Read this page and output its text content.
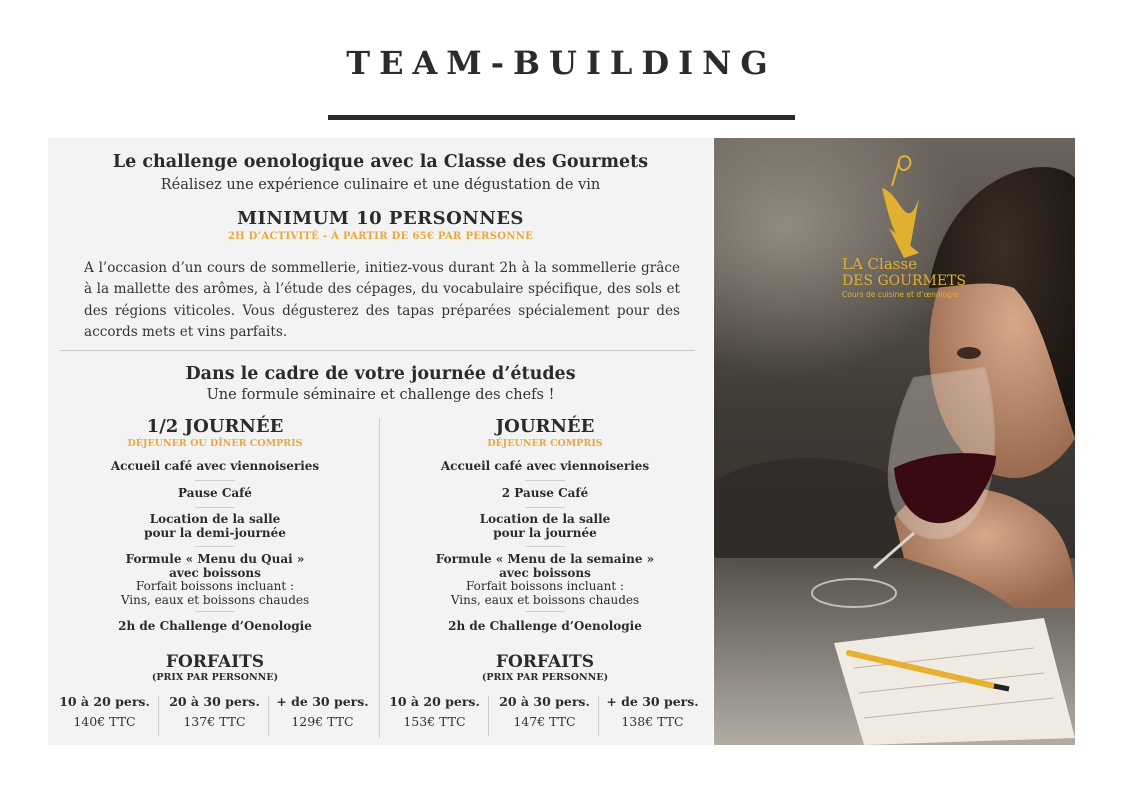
TEAM-BUILDING
Le challenge oenologique avec la Classe des Gourmets
Réalisez une expérience culinaire et une dégustation de vin
MINIMUM 10 PERSONNES
2H D’ACTIVITÉ - À PARTIR DE 65€ PAR PERSONNE
A l’occasion d’un cours de sommellerie, initiez-vous durant 2h à la sommellerie grâce à la mallette des arômes, à l’étude des cépages, du vocabulaire spécifique, des sols et des régions viticoles. Vous dégusterez des tapas préparées spécialement pour des accords mets et vins parfaits.
Dans le cadre de votre journée d’études
Une formule séminaire et challenge des chefs !
1/2 JOURNÉE
DÉJEUNER OU DÎNER COMPRIS
Accueil café avec viennoiseries
Pause Café
Location de la salle
pour la demi-journée
Formule « Menu du Quai »
avec boissons
Forfait boissons incluant :
Vins, eaux et boissons chaudes
2h de Challenge d’Oenologie
FORFAITS
(PRIX PAR PERSONNE)
10 à 20 pers.
140€ TTC
20 à 30 pers.
137€ TTC
+ de 30 pers.
129€ TTC
JOURNÉE
DÉJEUNER COMPRIS
Accueil café avec viennoiseries
2 Pause Café
Location de la salle
pour la journée
Formule « Menu de la semaine »
avec boissons
Forfait boissons incluant :
Vins, eaux et boissons chaudes
2h de Challenge d’Oenologie
FORFAITS
(PRIX PAR PERSONNE)
10 à 20 pers.
153€ TTC
20 à 30 pers.
147€ TTC
+ de 30 pers.
138€ TTC
LA Classe
DES GOURMETS
Cours de cuisine et d’œnologie
